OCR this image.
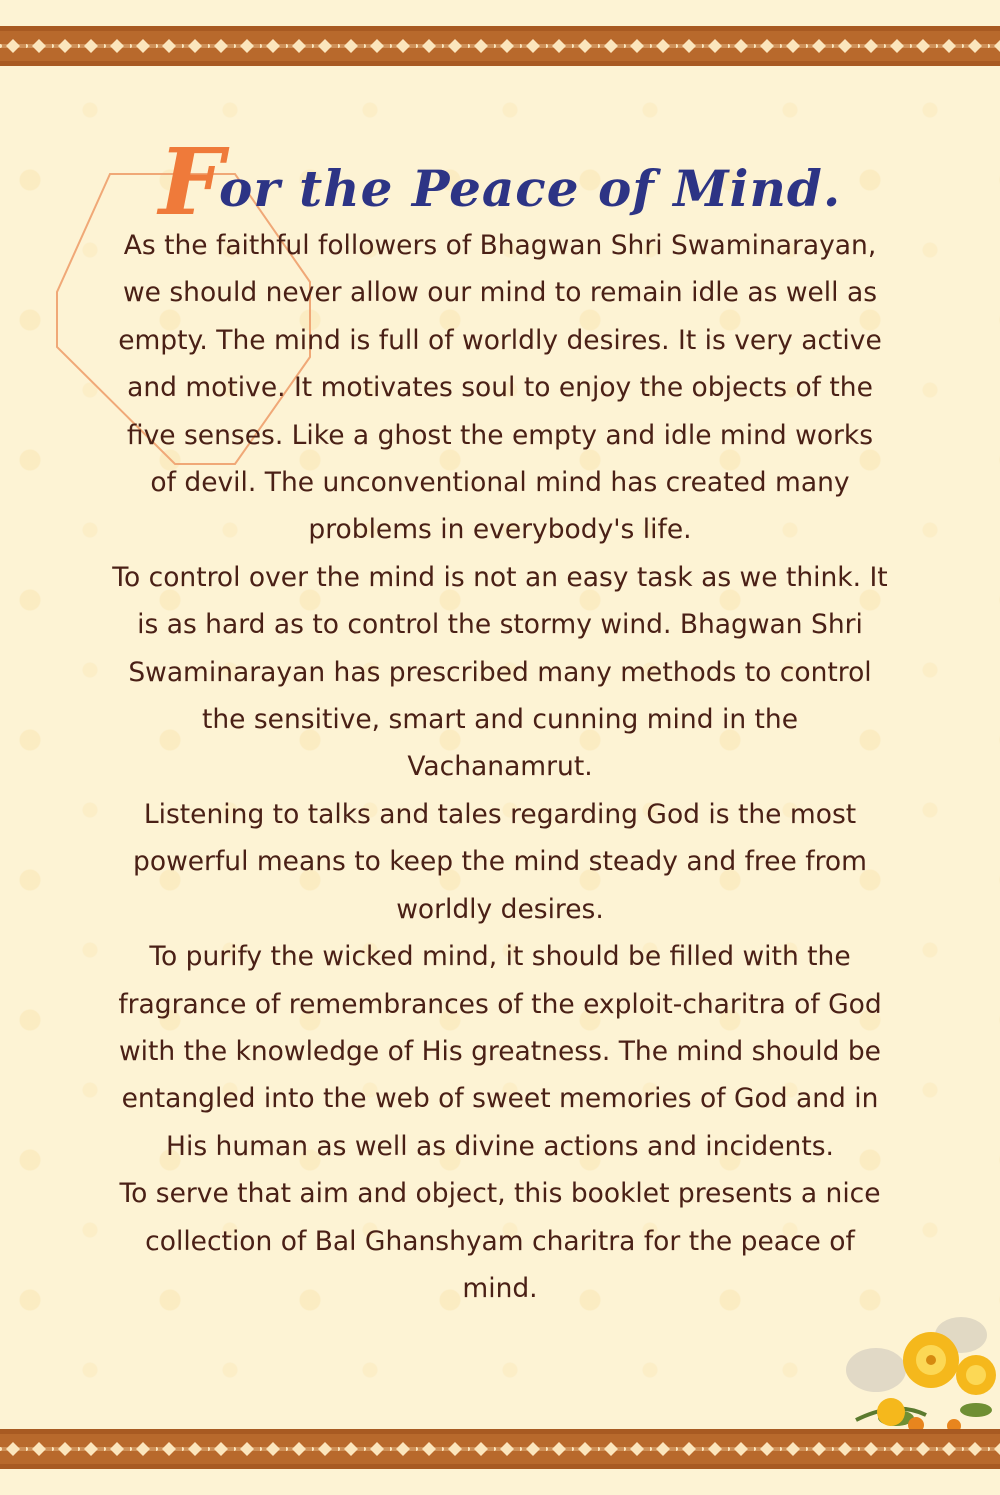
For the Peace of Mind.

As the faithful followers of Bhagwan Shri Swaminarayan, we should never allow our mind to remain idle as well as empty. The mind is full of worldly desires. It is very active and motive. It motivates soul to enjoy the objects of the five senses. Like a ghost the empty and idle mind works of devil. The unconventional mind has created many problems in everybody's life.

To control over the mind is not an easy task as we think. It is as hard as to control the stormy wind. Bhagwan Shri Swaminarayan has prescribed many methods to control the sensitive, smart and cunning mind in the Vachanamrut.

Listening to talks and tales regarding God is the most powerful means to keep the mind steady and free from worldly desires.

To purify the wicked mind, it should be filled with the fragrance of remembrances of the exploit-charitra of God with the knowledge of His greatness. The mind should be entangled into the web of sweet memories of God and in His human as well as divine actions and incidents.

To serve that aim and object, this booklet presents a nice collection of Bal Ghanshyam charitra for the peace of mind.
